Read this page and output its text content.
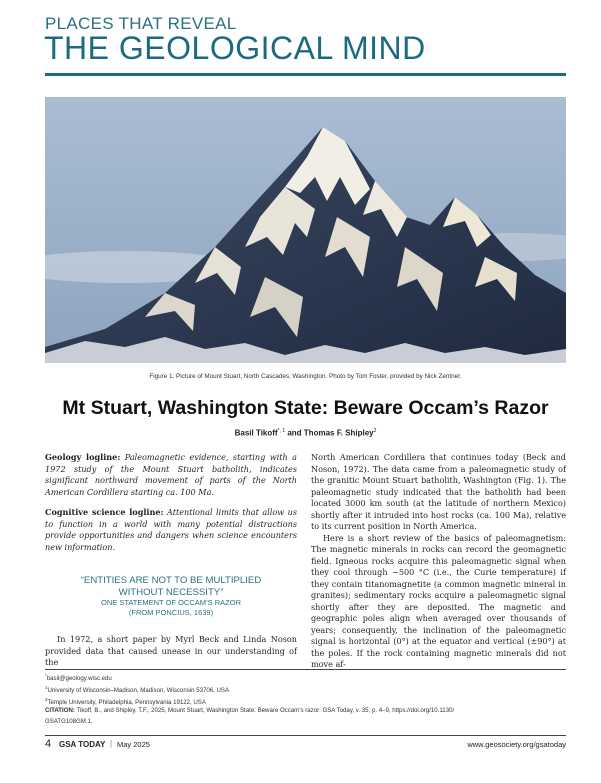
PLACES THAT REVEAL
THE GEOLOGICAL MIND
Figure 1. Picture of Mount Stuart, North Cascades, Washington. Photo by Tom Foster, provided by Nick Zentner.
Mt Stuart, Washington State: Beware Occam’s Razor
Basil Tikoff$^{*, 1}$ and Thomas F. Shipley$^2$

Geology logline: Paleomagnetic evidence, starting with a 1972 study of the Mount Stuart batholith, indicates significant northward movement of parts of the North American Cordillera starting ca. 100 Ma.

Cognitive science logline: Attentional limits that allow us to function in a world with many potential distractions provide opportunities and dangers when science encounters new information.

“ENTITIES ARE NOT TO BE MULTIPLIED
WITHOUT NECESSITY”
ONE STATEMENT OF OCCAM’S RAZOR
(FROM PONCIUS, 1639)

In 1972, a short paper by Myrl Beck and Linda Noson provided data that caused unease in our understanding of the

North American Cordillera that continues today (Beck and Noson, 1972). The data came from a paleomagnetic study of the granitic Mount Stuart batholith, Washington (Fig. 1). The paleomagnetic study indicated that the batholith had been located 3000 km south (at the latitude of northern Mexico) shortly after it intruded into host rocks (ca. 100 Ma), relative to its current position in North America.

Here is a short review of the basics of paleomagnetism: The magnetic minerals in rocks can record the geomagnetic field. Igneous rocks acquire this paleomagnetic signal when they cool through ~500 °C (i.e., the Curie temperature) if they contain titanomagnetite (a common magnetic mineral in granites); sedimentary rocks acquire a paleomagnetic signal shortly after they are deposited. The magnetic and geographic poles align when averaged over thousands of years; consequently, the inclination of the paleomagnetic signal is horizontal (0°) at the equator and vertical (±90°) at the poles. If the rock containing magnetic minerals did not move af-

*basil@geology.wisc.edu
$^1$University of Wisconsin–Madison, Madison, Wisconsin 53706, USA
$^2$Temple University, Philadelphia, Pennsylvania 19122, USA
CITATION: Tikoff, B., and Shipley, T.F., 2025, Mount Stuart, Washington State: Beware Occam’s razor: GSA Today, v. 35, p. 4–9, https://doi.org/10.1130/
GSATG108GM.1.
4 GSA TODAY | May 2025	www.geosociety.org/gsatoday
